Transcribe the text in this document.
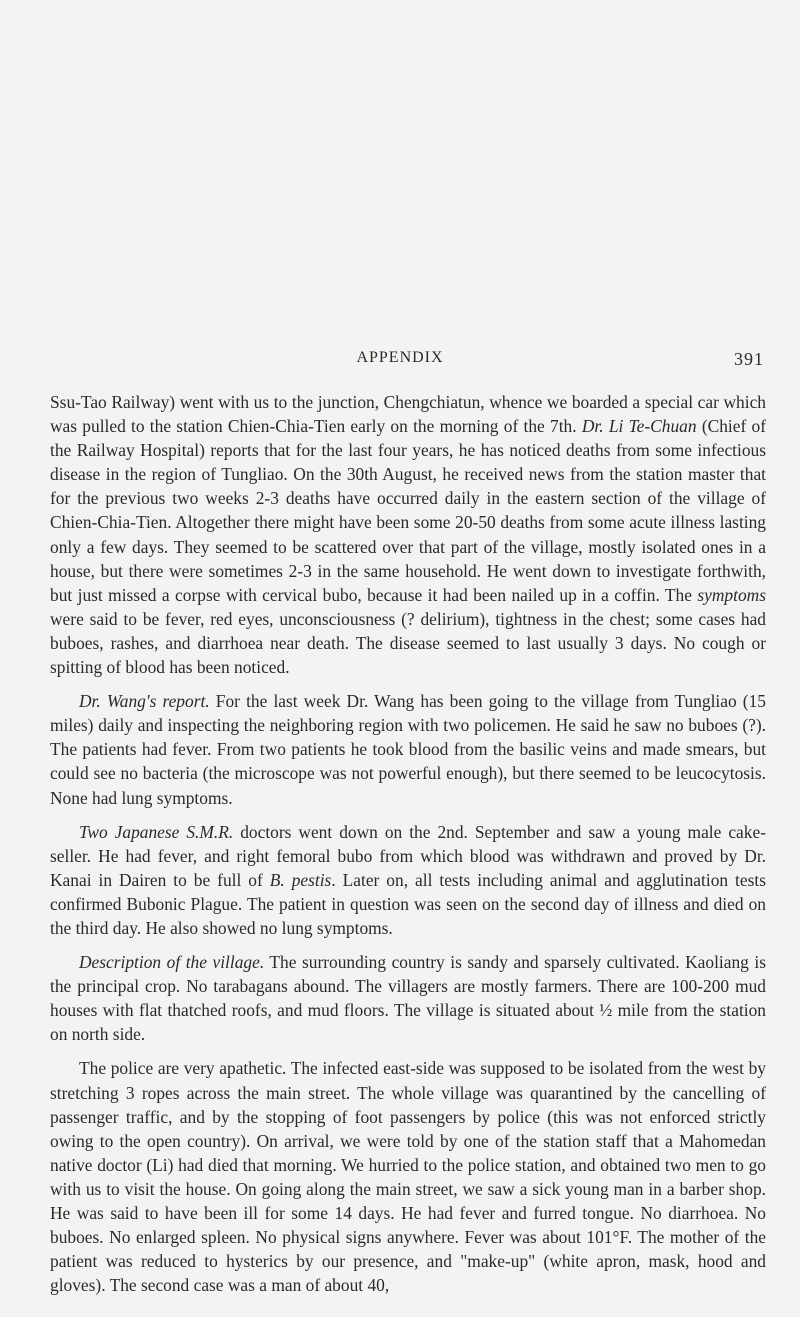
APPENDIX	391

Ssu-Tao Railway) went with us to the junction, Chengchiatun, whence we boarded a special car which was pulled to the station Chien-Chia-Tien early on the morning of the 7th. Dr. Li Te-Chuan (Chief of the Railway Hospital) reports that for the last four years, he has noticed deaths from some infectious disease in the region of Tungliao. On the 30th August, he received news from the station master that for the previous two weeks 2-3 deaths have occurred daily in the eastern section of the village of Chien-Chia-Tien. Altogether there might have been some 20-50 deaths from some acute illness lasting only a few days. They seemed to be scattered over that part of the village, mostly isolated ones in a house, but there were sometimes 2-3 in the same household. He went down to investigate forthwith, but just missed a corpse with cervical bubo, because it had been nailed up in a coffin. The symptoms were said to be fever, red eyes, unconsciousness (? delirium), tightness in the chest; some cases had buboes, rashes, and diarrhoea near death. The disease seemed to last usually 3 days. No cough or spitting of blood has been noticed.

Dr. Wang's report. For the last week Dr. Wang has been going to the village from Tungliao (15 miles) daily and inspecting the neighboring region with two policemen. He said he saw no buboes (?). The patients had fever. From two patients he took blood from the basilic veins and made smears, but could see no bacteria (the microscope was not powerful enough), but there seemed to be leucocytosis. None had lung symptoms.

Two Japanese S.M.R. doctors went down on the 2nd. September and saw a young male cake-seller. He had fever, and right femoral bubo from which blood was withdrawn and proved by Dr. Kanai in Dairen to be full of B. pestis. Later on, all tests including animal and agglutination tests confirmed Bubonic Plague. The patient in question was seen on the second day of illness and died on the third day. He also showed no lung symptoms.

Description of the village. The surrounding country is sandy and sparsely cultivated. Kaoliang is the principal crop. No tarabagans abound. The villagers are mostly farmers. There are 100-200 mud houses with flat thatched roofs, and mud floors. The village is situated about ½ mile from the station on north side.

The police are very apathetic. The infected east-side was supposed to be isolated from the west by stretching 3 ropes across the main street. The whole village was quarantined by the cancelling of passenger traffic, and by the stopping of foot passengers by police (this was not enforced strictly owing to the open country). On arrival, we were told by one of the station staff that a Mahomedan native doctor (Li) had died that morning. We hurried to the police station, and obtained two men to go with us to visit the house. On going along the main street, we saw a sick young man in a barber shop. He was said to have been ill for some 14 days. He had fever and furred tongue. No diarrhoea. No buboes. No enlarged spleen. No physical signs anywhere. Fever was about 101°F. The mother of the patient was reduced to hysterics by our presence, and "make-up" (white apron, mask, hood and gloves). The second case was a man of about 40,
